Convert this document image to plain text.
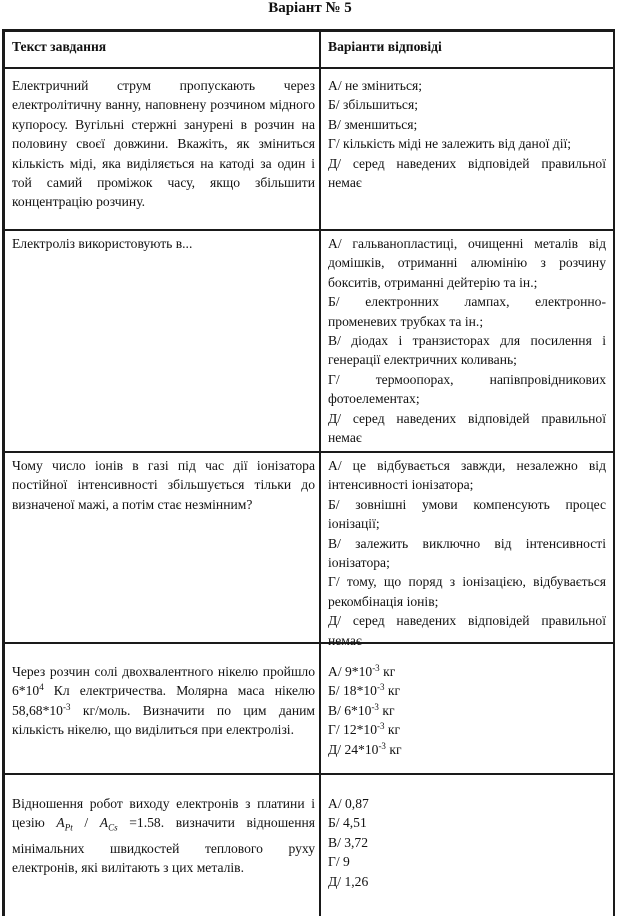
Варіант № 5
Текст завдання	Варіанти відповіді
Електричний струм пропускають через електролітичну ванну, наповнену розчином мідного купоросу. Вугільні стержні занурені в розчин на половину своєї довжини. Вкажіть, як зміниться кількість міді, яка виділяється на катоді за один і той самий проміжок часу, якщо збільшити концентрацію розчину.
А/ не зміниться;
Б/ збільшиться;
В/ зменшиться;
Г/ кількість міді не залежить від даної дії;
Д/ серед наведених відповідей правильної немає
Електроліз використовують в...	А/ гальванопластиці, очищенні металів від домішків, отриманні алюмінію з розчину бокситів, отриманні дейтерію та ін.;
Б/ електронних лампах, електронно-променевих трубках та ін.;
В/ діодах і транзисторах для посилення і генерації електричних коливань;
Г/ термоопорах, напівпровідникових фотоелементах;
Д/ серед наведених відповідей правильної немає
Чому число іонів в газі під час дії іонізатора постійної інтенсивності збільшується тільки до визначеної мажі, а потім стає незмінним?
А/ це відбувається завжди, незалежно від інтенсивності іонізатора;
Б/ зовнішні умови компенсують процес іонізації;
В/ залежить виключно від інтенсивності іонізатора;
Г/ тому, що поряд з іонізацією, відбувається рекомбінація іонів;
Д/ серед наведених відповідей правильної немає
Через розчин солі двохвалентного нікелю пройшло $6*10^4$ Кл електричества. Молярна маса нікелю $58,68*10^{-3}$ кг/моль. Визначити по цим даним кількість нікелю, що виділиться при електролізі.
А/ $9*10^{-3}$ кг
Б/ $18*10^{-3}$ кг
В/ $6*10^{-3}$ кг
Г/ $12*10^{-3}$ кг
Д/ $24*10^{-3}$ кг
Відношення робот виходу електронів з платини і цезію $A_{Pt} / A_{Cs} =1.58$. визначити відношення мінімальних швидкостей теплового руху електронів, які вилітають з цих металів.
А/ 0,87
Б/ 4,51
В/ 3,72
Г/ 9
Д/ 1,26
